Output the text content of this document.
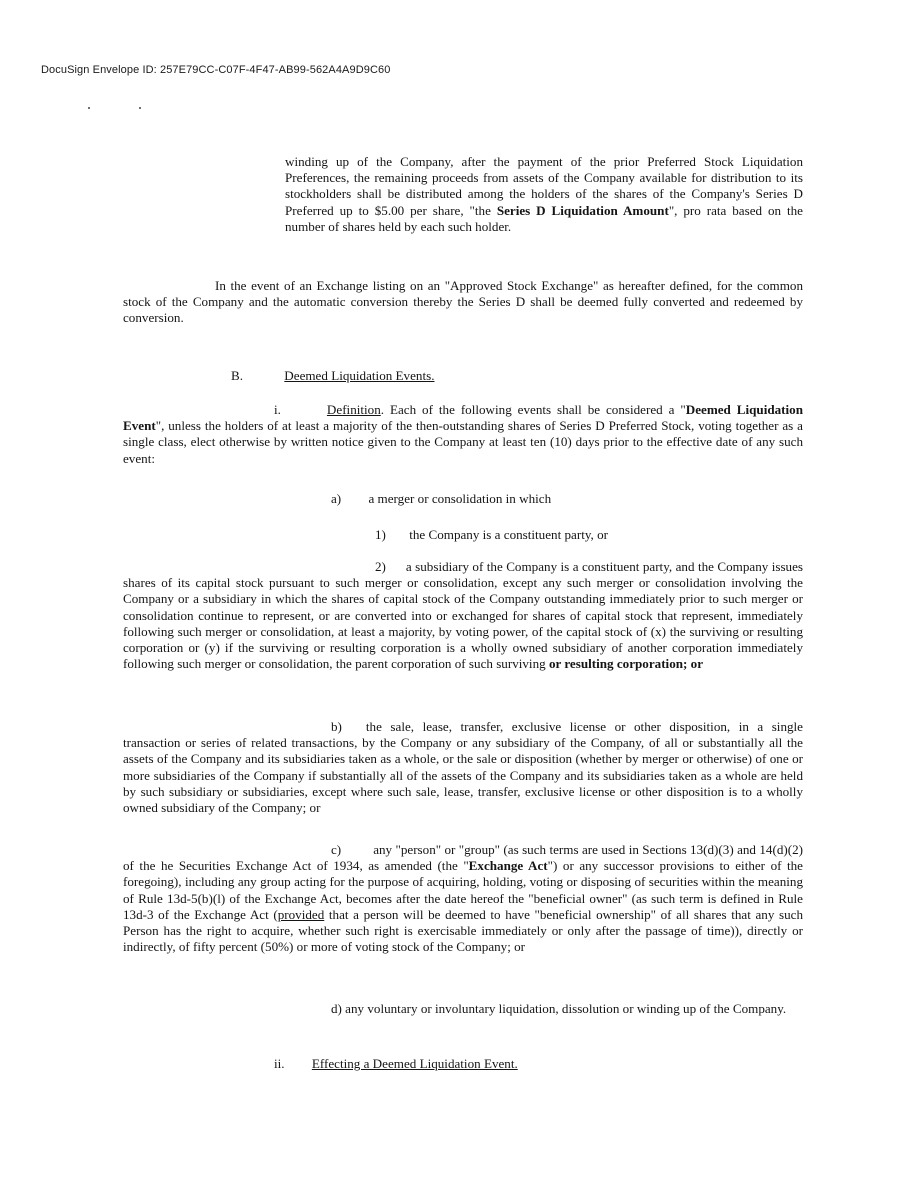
DocuSign Envelope ID: 257E79CC-C07F-4F47-AB99-562A4A9D9C60

winding up of the Company, after the payment of the prior Preferred Stock Liquidation Preferences, the remaining proceeds from assets of the Company available for distribution to its stockholders shall be distributed among the holders of the shares of the Company's Series D Preferred up to $5.00 per share, "the Series D Liquidation Amount", pro rata based on the number of shares held by each such holder.

In the event of an Exchange listing on an "Approved Stock Exchange" as hereafter defined, for the common stock of the Company and the automatic conversion thereby the Series D shall be deemed fully converted and redeemed by conversion.

B.	Deemed Liquidation Events.

i.	Definition. Each of the following events shall be considered a "Deemed Liquidation Event", unless the holders of at least a majority of the then-outstanding shares of Series D Preferred Stock, voting together as a single class, elect otherwise by written notice given to the Company at least ten (10) days prior to the effective date of any such event:

a) a merger or consolidation in which
1) the Company is a constituent party, or

2) a subsidiary of the Company is a constituent party, and the Company issues shares of its capital stock pursuant to such merger or consolidation, except any such merger or consolidation involving the Company or a subsidiary in which the shares of capital stock of the Company outstanding immediately prior to such merger or consolidation continue to represent, or are converted into or exchanged for shares of capital stock that represent, immediately following such merger or consolidation, at least a majority, by voting power, of the capital stock of (x) the surviving or resulting corporation or (y) if the surviving or resulting corporation is a wholly owned subsidiary of another corporation immediately following such merger or consolidation, the parent corporation of such surviving or resulting corporation; or

b) the sale, lease, transfer, exclusive license or other disposition, in a single transaction or series of related transactions, by the Company or any subsidiary of the Company, of all or substantially all the assets of the Company and its subsidiaries taken as a whole, or the sale or disposition (whether by merger or otherwise) of one or more subsidiaries of the Company if substantially all of the assets of the Company and its subsidiaries taken as a whole are held by such subsidiary or subsidiaries, except where such sale, lease, transfer, exclusive license or other disposition is to a wholly owned subsidiary of the Company; or

c) any "person" or "group" (as such terms are used in Sections 13(d)(3) and 14(d)(2) of the he Securities Exchange Act of 1934, as amended (the "Exchange Act") or any successor provisions to either of the foregoing), including any group acting for the purpose of acquiring, holding, voting or disposing of securities within the meaning of Rule 13d-5(b)(l) of the Exchange Act, becomes after the date hereof the "beneficial owner" (as such term is defined in Rule 13d-3 of the Exchange Act (provided that a person will be deemed to have "beneficial ownership" of all shares that any such Person has the right to acquire, whether such right is exercisable immediately or only after the passage of time)), directly or indirectly, of fifty percent (50%) or more of voting stock of the Company; or

d) any voluntary or involuntary liquidation, dissolution or winding up of the Company.

ii. Effecting a Deemed Liquidation Event.
